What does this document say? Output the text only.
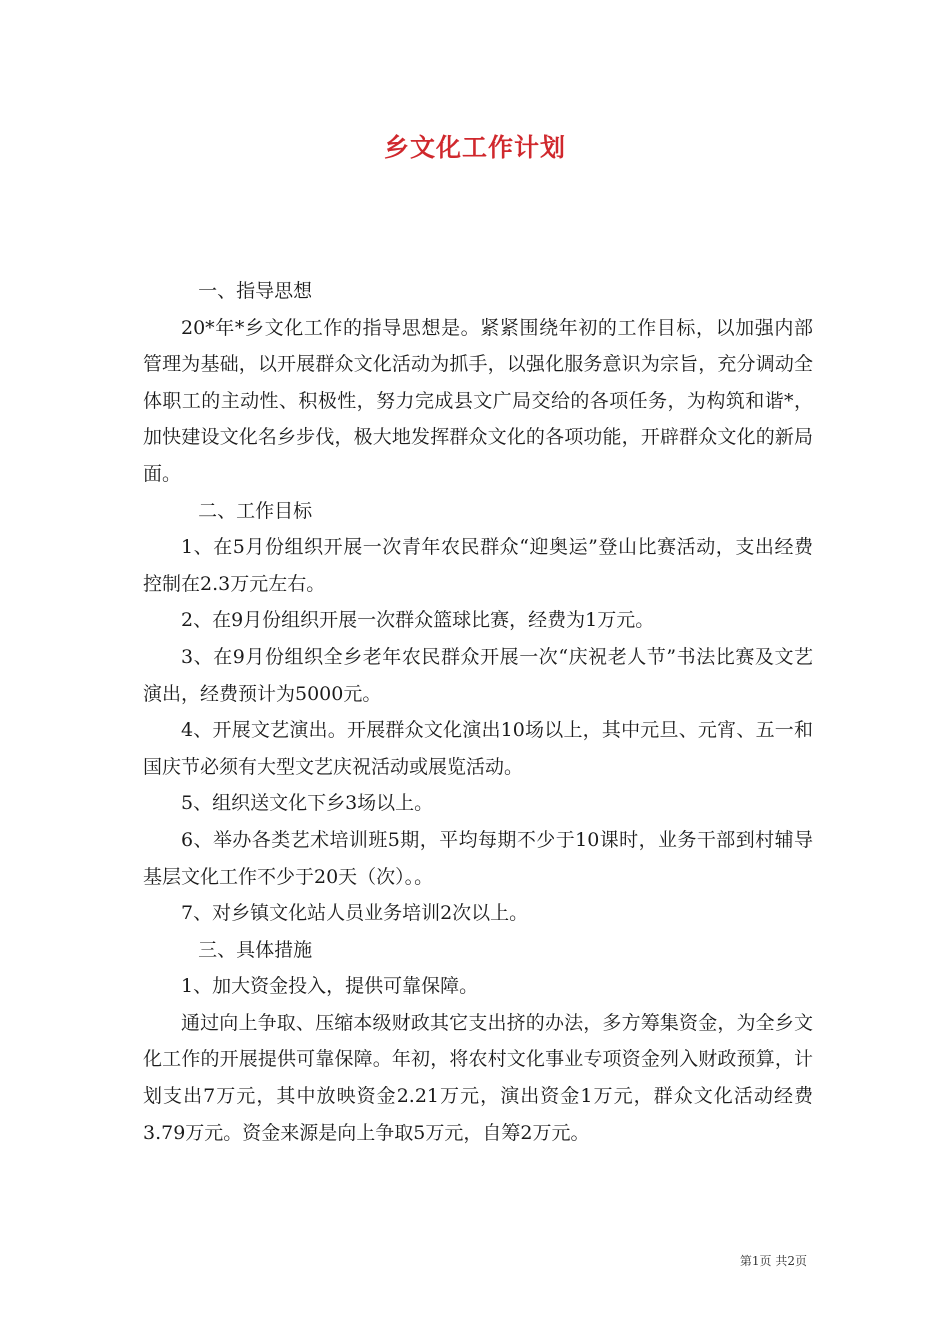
乡文化工作计划

一、指导思想

20*年*乡文化工作的指导思想是。紧紧围绕年初的工作目标，以加强内部管理为基础，以开展群众文化活动为抓手，以强化服务意识为宗旨，充分调动全体职工的主动性、积极性，努力完成县文广局交给的各项任务，为构筑和谐*，加快建设文化名乡步伐，极大地发挥群众文化的各项功能，开辟群众文化的新局面。

二、工作目标

1、在5月份组织开展一次青年农民群众“迎奥运”登山比赛活动，支出经费控制在2.3万元左右。

2、在9月份组织开展一次群众篮球比赛，经费为1万元。

3、在9月份组织全乡老年农民群众开展一次“庆祝老人节”书法比赛及文艺演出，经费预计为5000元。

4、开展文艺演出。开展群众文化演出10场以上，其中元旦、元宵、五一和国庆节必须有大型文艺庆祝活动或展览活动。

5、组织送文化下乡3场以上。

6、举办各类艺术培训班5期，平均每期不少于10课时，业务干部到村辅导基层文化工作不少于20天（次）。。

7、对乡镇文化站人员业务培训2次以上。

三、具体措施

1、加大资金投入，提供可靠保障。

通过向上争取、压缩本级财政其它支出挤的办法，多方筹集资金，为全乡文化工作的开展提供可靠保障。年初，将农村文化事业专项资金列入财政预算，计划支出7万元，其中放映资金2.21万元，演出资金1万元，群众文化活动经费3.79万元。资金来源是向上争取5万元，自筹2万元。

第1页 共2页
